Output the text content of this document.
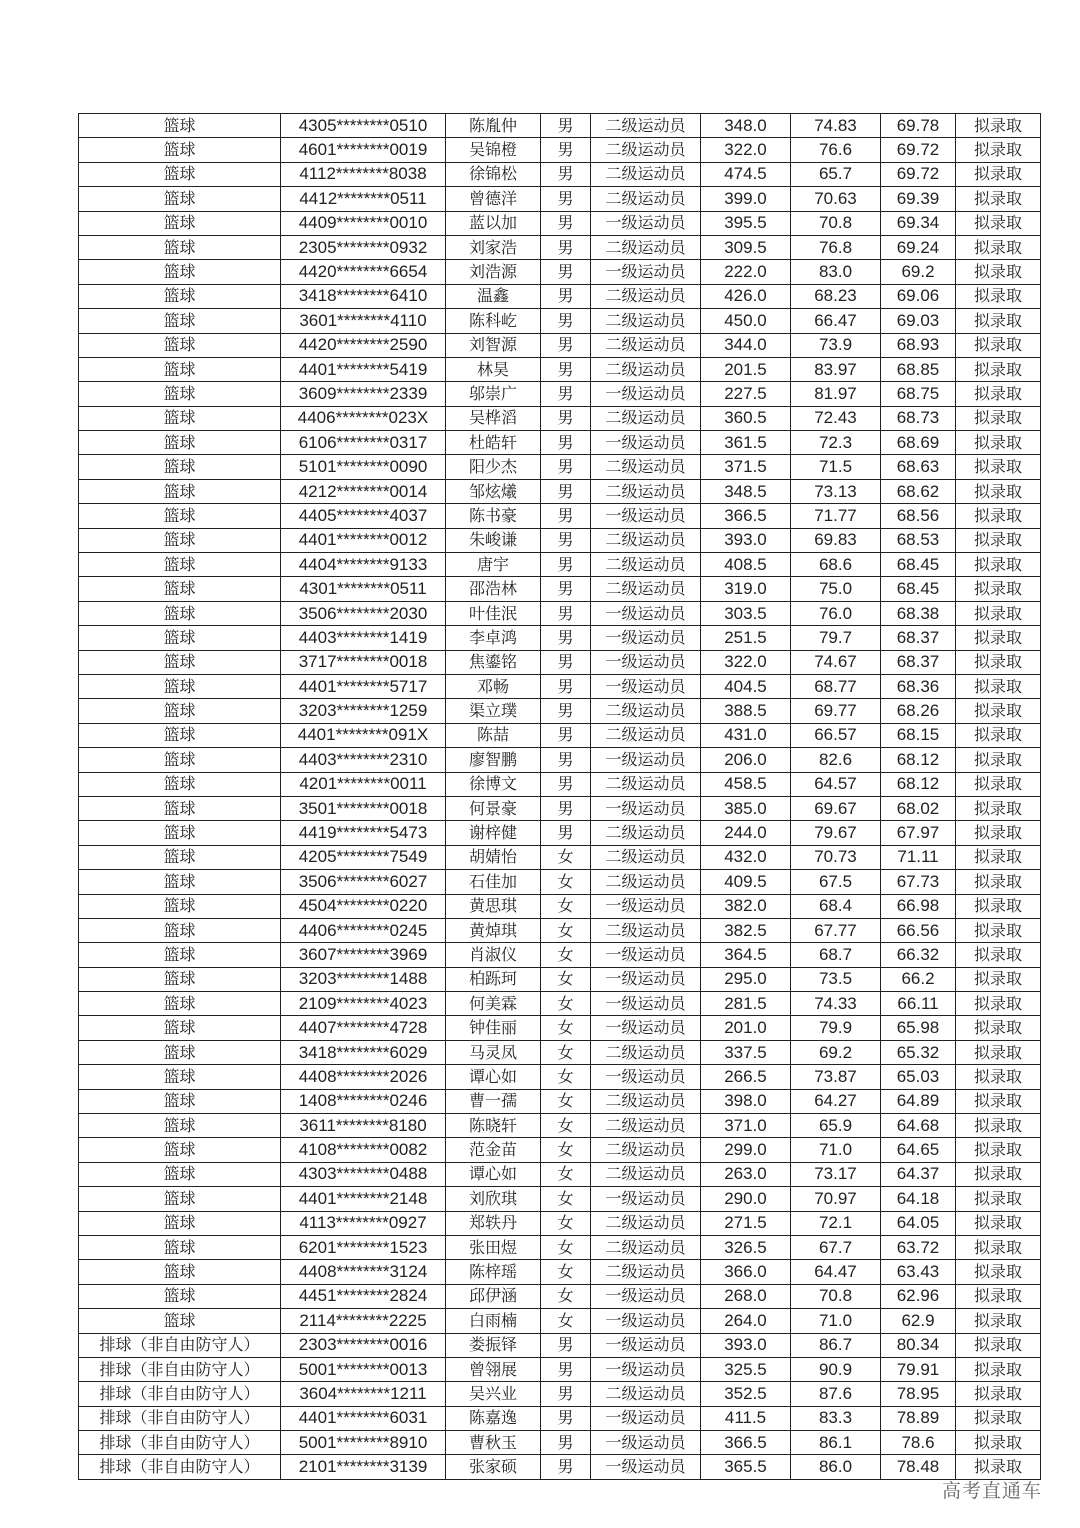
篮球	4305********0510	陈胤仲	男	二级运动员	348.0	74.83	69.78	拟录取
篮球	4601********0019	吴锦橙	男	二级运动员	322.0	76.6	69.72	拟录取
篮球	4112********8038	徐锦松	男	二级运动员	474.5	65.7	69.72	拟录取
篮球	4412********0511	曾德洋	男	二级运动员	399.0	70.63	69.39	拟录取
篮球	4409********0010	蓝以加	男	一级运动员	395.5	70.8	69.34	拟录取
篮球	2305********0932	刘家浩	男	二级运动员	309.5	76.8	69.24	拟录取
篮球	4420********6654	刘浩源	男	一级运动员	222.0	83.0	69.2	拟录取
篮球	3418********6410	温鑫	男	二级运动员	426.0	68.23	69.06	拟录取
篮球	3601********4110	陈科屹	男	二级运动员	450.0	66.47	69.03	拟录取
篮球	4420********2590	刘智源	男	二级运动员	344.0	73.9	68.93	拟录取
篮球	4401********5419	林昊	男	二级运动员	201.5	83.97	68.85	拟录取
篮球	3609********2339	邬崇广	男	一级运动员	227.5	81.97	68.75	拟录取
篮球	4406********023X	吴桦滔	男	二级运动员	360.5	72.43	68.73	拟录取
篮球	6106********0317	杜皓轩	男	一级运动员	361.5	72.3	68.69	拟录取
篮球	5101********0090	阳少杰	男	二级运动员	371.5	71.5	68.63	拟录取
篮球	4212********0014	邹炫爔	男	二级运动员	348.5	73.13	68.62	拟录取
篮球	4405********4037	陈书豪	男	一级运动员	366.5	71.77	68.56	拟录取
篮球	4401********0012	朱峻谦	男	二级运动员	393.0	69.83	68.53	拟录取
篮球	4404********9133	唐宇	男	二级运动员	408.5	68.6	68.45	拟录取
篮球	4301********0511	邵浩林	男	二级运动员	319.0	75.0	68.45	拟录取
篮球	3506********2030	叶佳泯	男	一级运动员	303.5	76.0	68.38	拟录取
篮球	4403********1419	李卓鸿	男	一级运动员	251.5	79.7	68.37	拟录取
篮球	3717********0018	焦鎏铭	男	一级运动员	322.0	74.67	68.37	拟录取
篮球	4401********5717	邓畅	男	一级运动员	404.5	68.77	68.36	拟录取
篮球	3203********1259	渠立璞	男	二级运动员	388.5	69.77	68.26	拟录取
篮球	4401********091X	陈喆	男	二级运动员	431.0	66.57	68.15	拟录取
篮球	4403********2310	廖智鹏	男	一级运动员	206.0	82.6	68.12	拟录取
篮球	4201********0011	徐博文	男	二级运动员	458.5	64.57	68.12	拟录取
篮球	3501********0018	何景豪	男	一级运动员	385.0	69.67	68.02	拟录取
篮球	4419********5473	谢梓健	男	二级运动员	244.0	79.67	67.97	拟录取
篮球	4205********7549	胡婧怡	女	二级运动员	432.0	70.73	71.11	拟录取
篮球	3506********6027	石佳加	女	二级运动员	409.5	67.5	67.73	拟录取
篮球	4504********0220	黄思琪	女	一级运动员	382.0	68.4	66.98	拟录取
篮球	4406********0245	黄焯琪	女	二级运动员	382.5	67.77	66.56	拟录取
篮球	3607********3969	肖淑仪	女	一级运动员	364.5	68.7	66.32	拟录取
篮球	3203********1488	柏跞珂	女	一级运动员	295.0	73.5	66.2	拟录取
篮球	2109********4023	何美霖	女	一级运动员	281.5	74.33	66.11	拟录取
篮球	4407********4728	钟佳丽	女	一级运动员	201.0	79.9	65.98	拟录取
篮球	3418********6029	马灵凤	女	二级运动员	337.5	69.2	65.32	拟录取
篮球	4408********2026	谭心如	女	一级运动员	266.5	73.87	65.03	拟录取
篮球	1408********0246	曹一孺	女	二级运动员	398.0	64.27	64.89	拟录取
篮球	3611********8180	陈晓轩	女	二级运动员	371.0	65.9	64.68	拟录取
篮球	4108********0082	范金苗	女	二级运动员	299.0	71.0	64.65	拟录取
篮球	4303********0488	谭心如	女	二级运动员	263.0	73.17	64.37	拟录取
篮球	4401********2148	刘欣琪	女	一级运动员	290.0	70.97	64.18	拟录取
篮球	4113********0927	郑轶丹	女	二级运动员	271.5	72.1	64.05	拟录取
篮球	6201********1523	张田煜	女	二级运动员	326.5	67.7	63.72	拟录取
篮球	4408********3124	陈梓瑶	女	二级运动员	366.0	64.47	63.43	拟录取
篮球	4451********2824	邱伊涵	女	一级运动员	268.0	70.8	62.96	拟录取
篮球	2114********2225	白雨楠	女	一级运动员	264.0	71.0	62.9	拟录取
排球（非自由防守人）	2303********0016	娄振铎	男	一级运动员	393.0	86.7	80.34	拟录取
排球（非自由防守人）	5001********0013	曾翎展	男	一级运动员	325.5	90.9	79.91	拟录取
排球（非自由防守人）	3604********1211	吴兴业	男	二级运动员	352.5	87.6	78.95	拟录取
排球（非自由防守人）	4401********6031	陈嘉逸	男	一级运动员	411.5	83.3	78.89	拟录取
排球（非自由防守人）	5001********8910	曹秋玉	男	一级运动员	366.5	86.1	78.6	拟录取
排球（非自由防守人）	2101********3139	张家硕	男	一级运动员	365.5	86.0	78.48	拟录取
高考直通车
